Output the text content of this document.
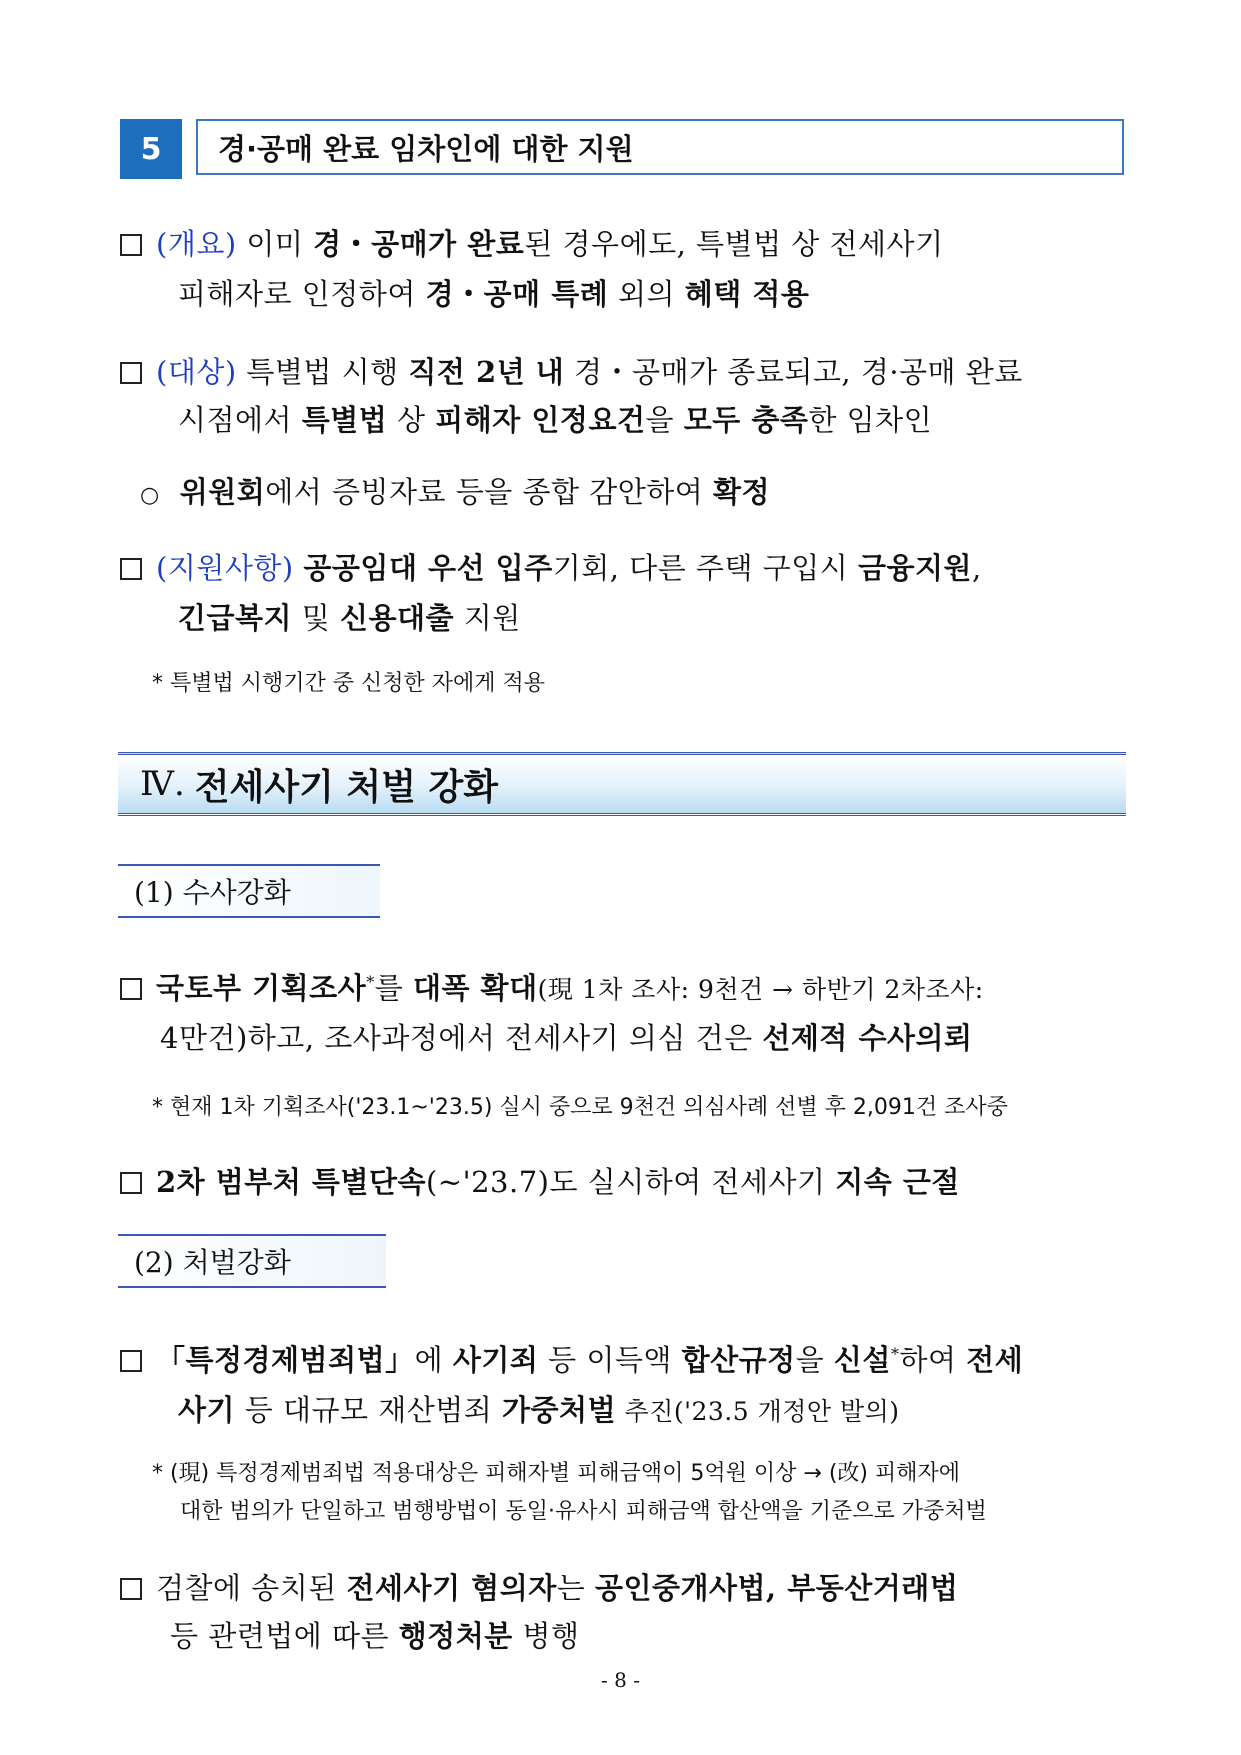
5	경·공매 완료 임차인에 대한 지원
(개요) 이미 경・공매가 완료된 경우에도, 특별법 상 전세사기
피해자로 인정하여 경・공매 특례 외의 혜택 적용
(대상) 특별법 시행 직전 2년 내 경・공매가 종료되고, 경·공매 완료
시점에서 특별법 상 피해자 인정요건을 모두 충족한 임차인
○ 위원회에서 증빙자료 등을 종합 감안하여 확정
(지원사항) 공공임대 우선 입주기회, 다른 주택 구입시 금융지원,
긴급복지 및 신용대출 지원
* 특별법 시행기간 중 신청한 자에게 적용
Ⅳ. 전세사기 처벌 강화
(1) 수사강화
국토부 기획조사*를 대폭 확대(現 1차 조사: 9천건 → 하반기 2차조사:
4만건)하고, 조사과정에서 전세사기 의심 건은 선제적 수사의뢰
* 현재 1차 기획조사('23.1~'23.5) 실시 중으로 9천건 의심사례 선별 후 2,091건 조사중
2차 범부처 특별단속(~'23.7)도 실시하여 전세사기 지속 근절
(2) 처벌강화
「특정경제범죄법」에 사기죄 등 이득액 합산규정을 신설*하여 전세
사기 등 대규모 재산범죄 가중처벌 추진('23.5 개정안 발의)
* (現) 특정경제범죄법 적용대상은 피해자별 피해금액이 5억원 이상 → (改) 피해자에
대한 범의가 단일하고 범행방법이 동일·유사시 피해금액 합산액을 기준으로 가중처벌
검찰에 송치된 전세사기 혐의자는 공인중개사법, 부동산거래법
등 관련법에 따른 행정처분 병행
- 8 -
